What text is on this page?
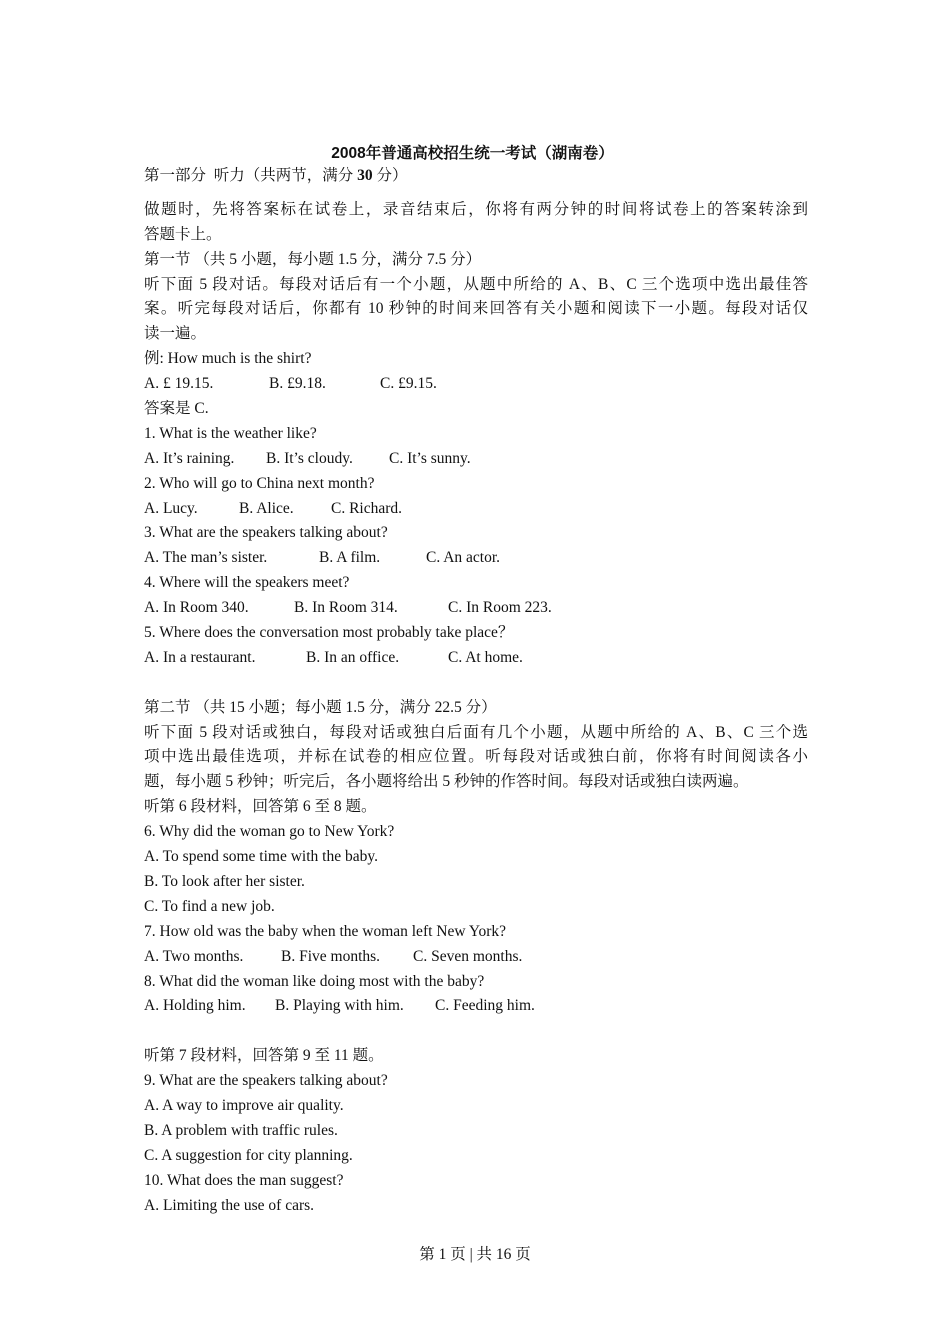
2008年普通高校招生统一考试（湖南卷）
第一部分  听力（共两节，满分 30 分）
做题时，先将答案标在试卷上，录音结束后，你将有两分钟的时间将试卷上的答案转涂到
答题卡上。
第一节 （共 5 小题，每小题 1.5 分，满分 7.5 分）
听下面 5 段对话。每段对话后有一个小题，从题中所给的 A、B、C 三个选项中选出最佳答
案。听完每段对话后，你都有 10 秒钟的时间来回答有关小题和阅读下一小题。每段对话仅
读一遍。
例: How much is the shirt?
A. £ 19.15.	B. £9.18.	C. £9.15.
答案是 C.
1. What is the weather like?
A. It’s raining.	B. It’s cloudy.	C. It’s sunny.
2. Who will go to China next month?
A. Lucy.	B. Alice.	C. Richard.
3. What are the speakers talking about?
A. The man’s sister.	B. A film.	C. An actor.
4. Where will the speakers meet?
A. In Room 340.	B. In Room 314.	C. In Room 223.
5. Where does the conversation most probably take place？
A. In a restaurant.	B. In an office.	C. At home.
第二节 （共 15 小题；每小题 1.5 分，满分 22.5 分）
听下面 5 段对话或独白，每段对话或独白后面有几个小题，从题中所给的 A、B、C 三个选
项中选出最佳选项，并标在试卷的相应位置。听每段对话或独白前，你将有时间阅读各小
题，每小题 5 秒钟；听完后，各小题将给出 5 秒钟的作答时间。每段对话或独白读两遍。
听第 6 段材料，回答第 6 至 8 题。
6. Why did the woman go to New York?
A. To spend some time with the baby.
B. To look after her sister.
C. To find a new job.
7. How old was the baby when the woman left New York?
A. Two months.	B. Five months.	C. Seven months.
8. What did the woman like doing most with the baby?
A. Holding him.	B. Playing with him.	C. Feeding him.
听第 7 段材料，回答第 9 至 11 题。
9. What are the speakers talking about?
A. A way to improve air quality.
B. A problem with traffic rules.
C. A suggestion for city planning.
10. What does the man suggest?
A. Limiting the use of cars.
第 1 页 | 共 16 页
